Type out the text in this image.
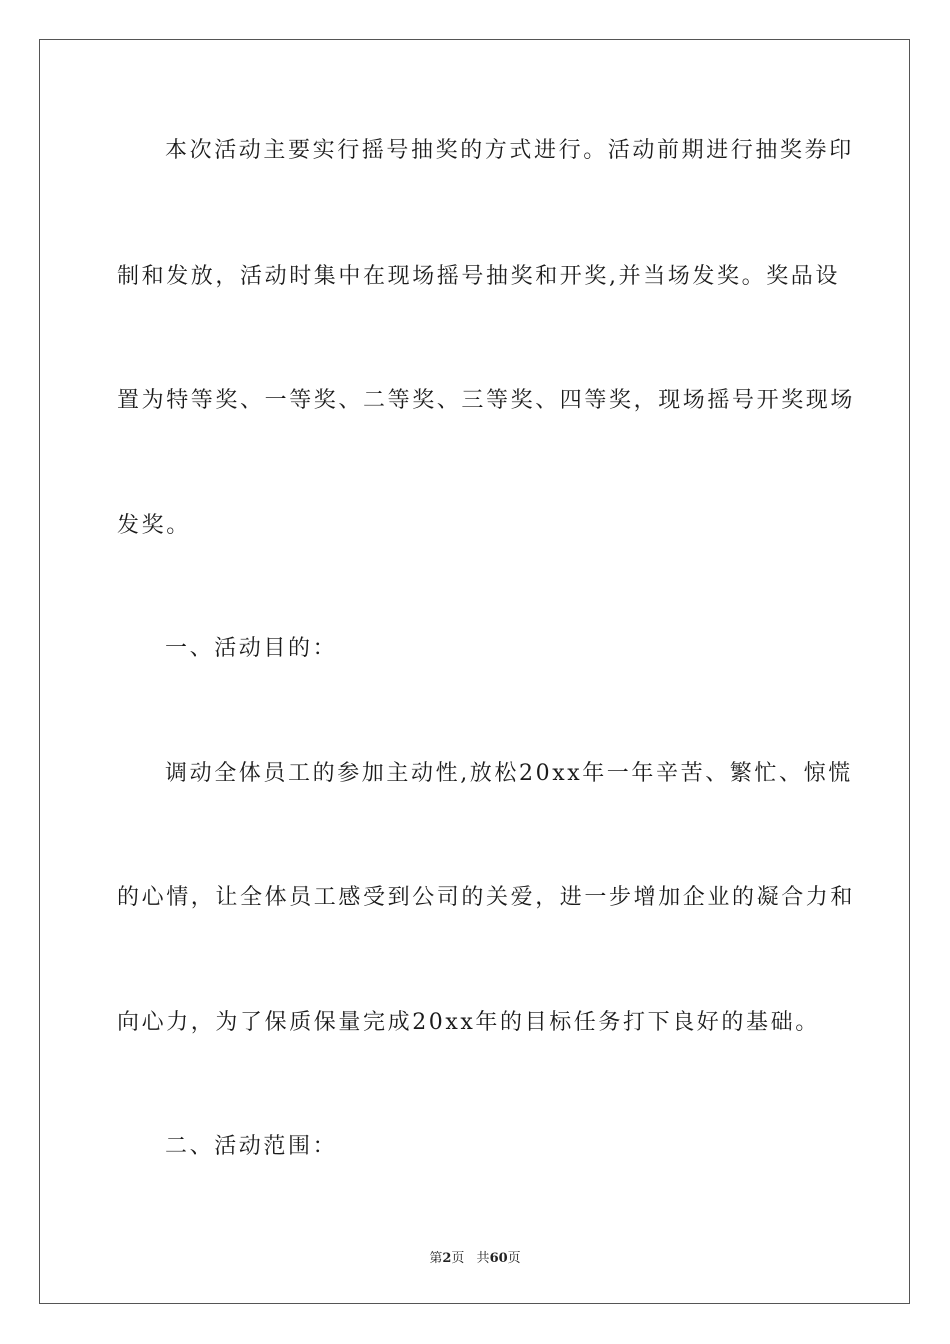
本次活动主要实行摇号抽奖的方式进行。活动前期进行抽奖券印
制和发放，活动时集中在现场摇号抽奖和开奖,并当场发奖。奖品设
置为特等奖、一等奖、二等奖、三等奖、四等奖，现场摇号开奖现场
发奖。
一、活动目的：
调动全体员工的参加主动性,放松20xx年一年辛苦、繁忙、惊慌
的心情，让全体员工感受到公司的关爱，进一步增加企业的凝合力和
向心力，为了保质保量完成20xx年的目标任务打下良好的基础。
二、活动范围：
第2页 共60页
